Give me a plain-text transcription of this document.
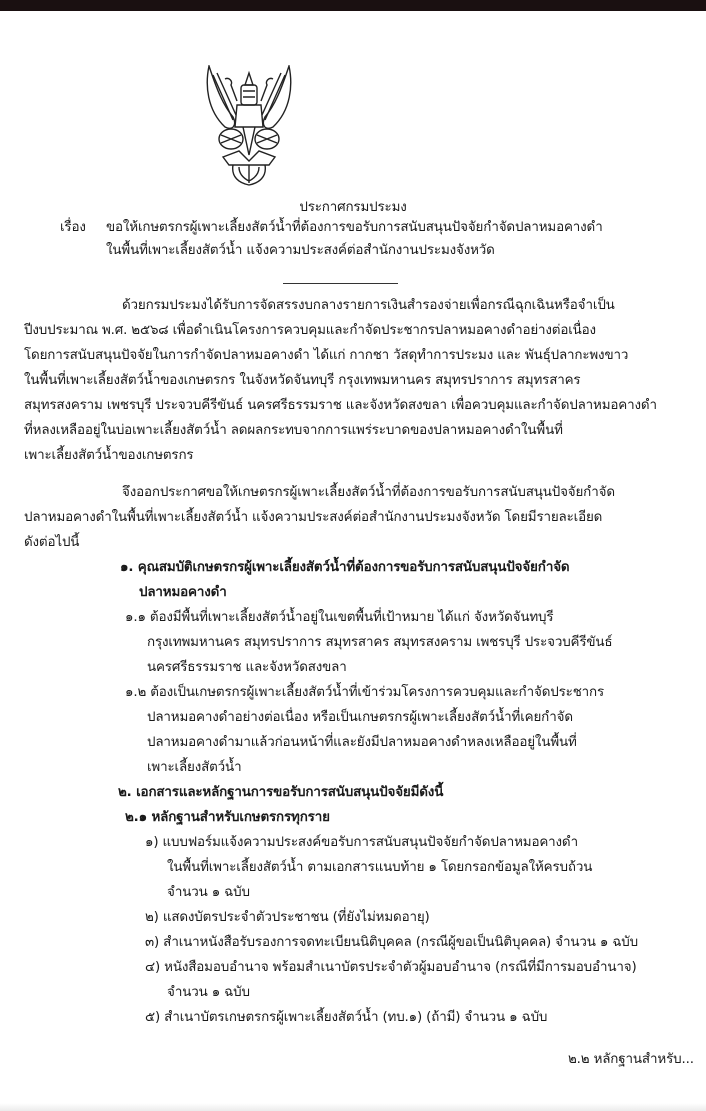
ประกาศกรมประมง
เรื่อง ขอให้เกษตรกรผู้เพาะเลี้ยงสัตว์น้ำที่ต้องการขอรับการสนับสนุนปัจจัยกำจัดปลาหมอคางดำ
ในพื้นที่เพาะเลี้ยงสัตว์น้ำ แจ้งความประสงค์ต่อสำนักงานประมงจังหวัด
ด้วยกรมประมงได้รับการจัดสรรงบกลางรายการเงินสำรองจ่ายเพื่อกรณีฉุกเฉินหรือจำเป็น
ปีงบประมาณ พ.ศ. ๒๕๖๘ เพื่อดำเนินโครงการควบคุมและกำจัดประชากรปลาหมอคางดำอย่างต่อเนื่อง
โดยการสนับสนุนปัจจัยในการกำจัดปลาหมอคางดำ ได้แก่ กากชา วัสดุทำการประมง และ พันธุ์ปลากะพงขาว
ในพื้นที่เพาะเลี้ยงสัตว์น้ำของเกษตรกร ในจังหวัดจันทบุรี กรุงเทพมหานคร สมุทรปราการ สมุทรสาคร
สมุทรสงคราม เพชรบุรี ประจวบคีรีขันธ์ นครศรีธรรมราช และจังหวัดสงขลา เพื่อควบคุมและกำจัดปลาหมอคางดำ
ที่หลงเหลืออยู่ในบ่อเพาะเลี้ยงสัตว์น้ำ ลดผลกระทบจากการแพร่ระบาดของปลาหมอคางดำในพื้นที่
เพาะเลี้ยงสัตว์น้ำของเกษตรกร
จึงออกประกาศขอให้เกษตรกรผู้เพาะเลี้ยงสัตว์น้ำที่ต้องการขอรับการสนับสนุนปัจจัยกำจัด
ปลาหมอคางดำในพื้นที่เพาะเลี้ยงสัตว์น้ำ แจ้งความประสงค์ต่อสำนักงานประมงจังหวัด โดยมีรายละเอียด
ดังต่อไปนี้
๑. คุณสมบัติเกษตรกรผู้เพาะเลี้ยงสัตว์น้ำที่ต้องการขอรับการสนับสนุนปัจจัยกำจัด
ปลาหมอคางดำ
๑.๑ ต้องมีพื้นที่เพาะเลี้ยงสัตว์น้ำอยู่ในเขตพื้นที่เป้าหมาย ได้แก่ จังหวัดจันทบุรี
กรุงเทพมหานคร สมุทรปราการ สมุทรสาคร สมุทรสงคราม เพชรบุรี ประจวบคีรีขันธ์
นครศรีธรรมราช และจังหวัดสงขลา
๑.๒ ต้องเป็นเกษตรกรผู้เพาะเลี้ยงสัตว์น้ำที่เข้าร่วมโครงการควบคุมและกำจัดประชากร
ปลาหมอคางดำอย่างต่อเนื่อง หรือเป็นเกษตรกรผู้เพาะเลี้ยงสัตว์น้ำที่เคยกำจัด
ปลาหมอคางดำมาแล้วก่อนหน้าที่และยังมีปลาหมอคางดำหลงเหลืออยู่ในพื้นที่
เพาะเลี้ยงสัตว์น้ำ
๒. เอกสารและหลักฐานการขอรับการสนับสนุนปัจจัยมีดังนี้
๒.๑ หลักฐานสำหรับเกษตรกรทุกราย
๑) แบบฟอร์มแจ้งความประสงค์ขอรับการสนับสนุนปัจจัยกำจัดปลาหมอคางดำ
ในพื้นที่เพาะเลี้ยงสัตว์น้ำ ตามเอกสารแนบท้าย ๑ โดยกรอกข้อมูลให้ครบถ้วน
จำนวน ๑ ฉบับ
๒) แสดงบัตรประจำตัวประชาชน (ที่ยังไม่หมดอายุ)
๓) สำเนาหนังสือรับรองการจดทะเบียนนิติบุคคล (กรณีผู้ขอเป็นนิติบุคคล) จำนวน ๑ ฉบับ
๔) หนังสือมอบอำนาจ พร้อมสำเนาบัตรประจำตัวผู้มอบอำนาจ (กรณีที่มีการมอบอำนาจ)
จำนวน ๑ ฉบับ
๕) สำเนาบัตรเกษตรกรผู้เพาะเลี้ยงสัตว์น้ำ (ทบ.๑) (ถ้ามี) จำนวน ๑ ฉบับ
๒.๒ หลักฐานสำหรับ...
